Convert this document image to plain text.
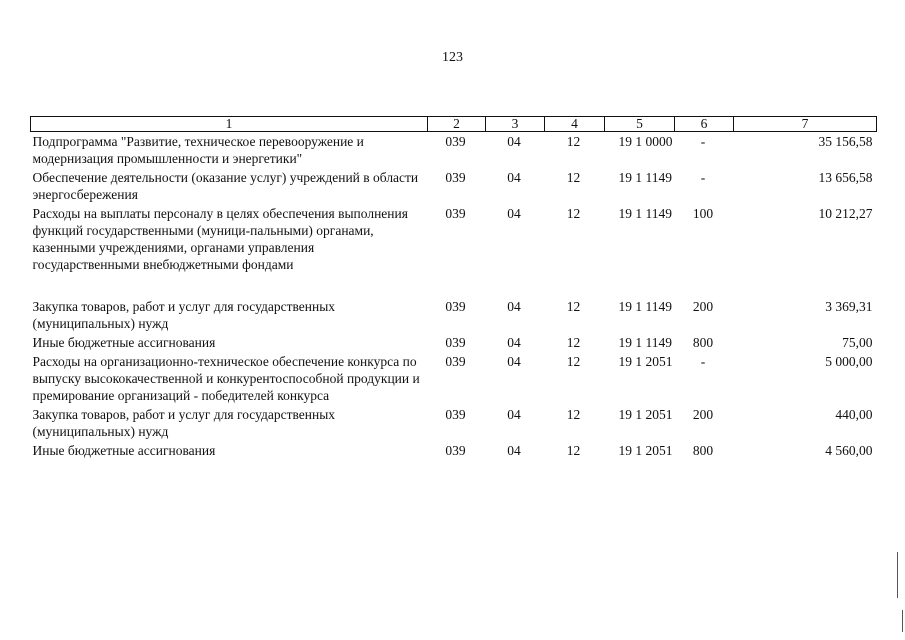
123
1	2	3	4	5	6	7
Подпрограмма "Развитие, техническое перевооружение и модернизация промышленности и энергетики"	039	04	12	19 1 0000	-	35 156,58
Обеспечение деятельности (оказание услуг) учреждений в области энергосбережения	039	04	12	19 1 1149	-	13 656,58
Расходы на выплаты персоналу в целях обеспечения выполнения функций государственными (муници-пальными) органами, казенными учреждениями, органами управления государственными внебюджетными фондами	039	04	12	19 1 1149	100	10 212,27
Закупка товаров, работ и услуг для государственных (муниципальных) нужд	039	04	12	19 1 1149	200	3 369,31
Иные бюджетные ассигнования	039	04	12	19 1 1149	800	75,00
Расходы на организационно-техническое обеспечение конкурса по выпуску высококачественной и конкурентоспособной продукции и премирование организаций - победителей конкурса	039	04	12	19 1 2051	-	5 000,00
Закупка товаров, работ и услуг для государственных (муниципальных) нужд	039	04	12	19 1 2051	200	440,00
Иные бюджетные ассигнования	039	04	12	19 1 2051	800	4 560,00
